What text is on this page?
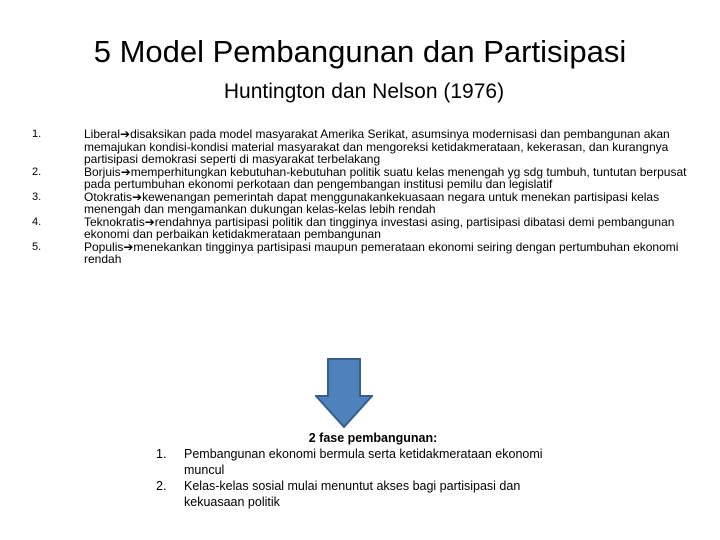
5 Model Pembangunan dan Partisipasi
Huntington dan Nelson (1976)
1.	Liberal➔disaksikan pada model masyarakat Amerika Serikat, asumsinya modernisasi dan pembangunan akan memajukan kondisi-kondisi material masyarakat dan mengoreksi ketidakmerataan, kekerasan, dan kurangnya partisipasi demokrasi seperti di masyarakat terbelakang
2.	Borjuis➔memperhitungkan kebutuhan-kebutuhan politik suatu kelas menengah yg sdg tumbuh, tuntutan berpusat pada pertumbuhan ekonomi perkotaan dan pengembangan institusi pemilu dan legislatif
3.	Otokratis➔kewenangan pemerintah dapat menggunakankekuasaan negara untuk menekan partisipasi kelas menengah dan mengamankan dukungan kelas-kelas lebih rendah
4.	Teknokratis➔rendahnya partisipasi politik dan tingginya investasi asing, partisipasi dibatasi demi pembangunan ekonomi dan perbaikan ketidakmerataan pembangunan
5.	Populis➔menekankan tingginya partisipasi maupun pemerataan ekonomi seiring dengan pertumbuhan ekonomi rendah
2 fase pembangunan:
1. Pembangunan ekonomi bermula serta ketidakmerataan ekonomi muncul
2. Kelas-kelas sosial mulai menuntut akses bagi partisipasi dan kekuasaan politik
